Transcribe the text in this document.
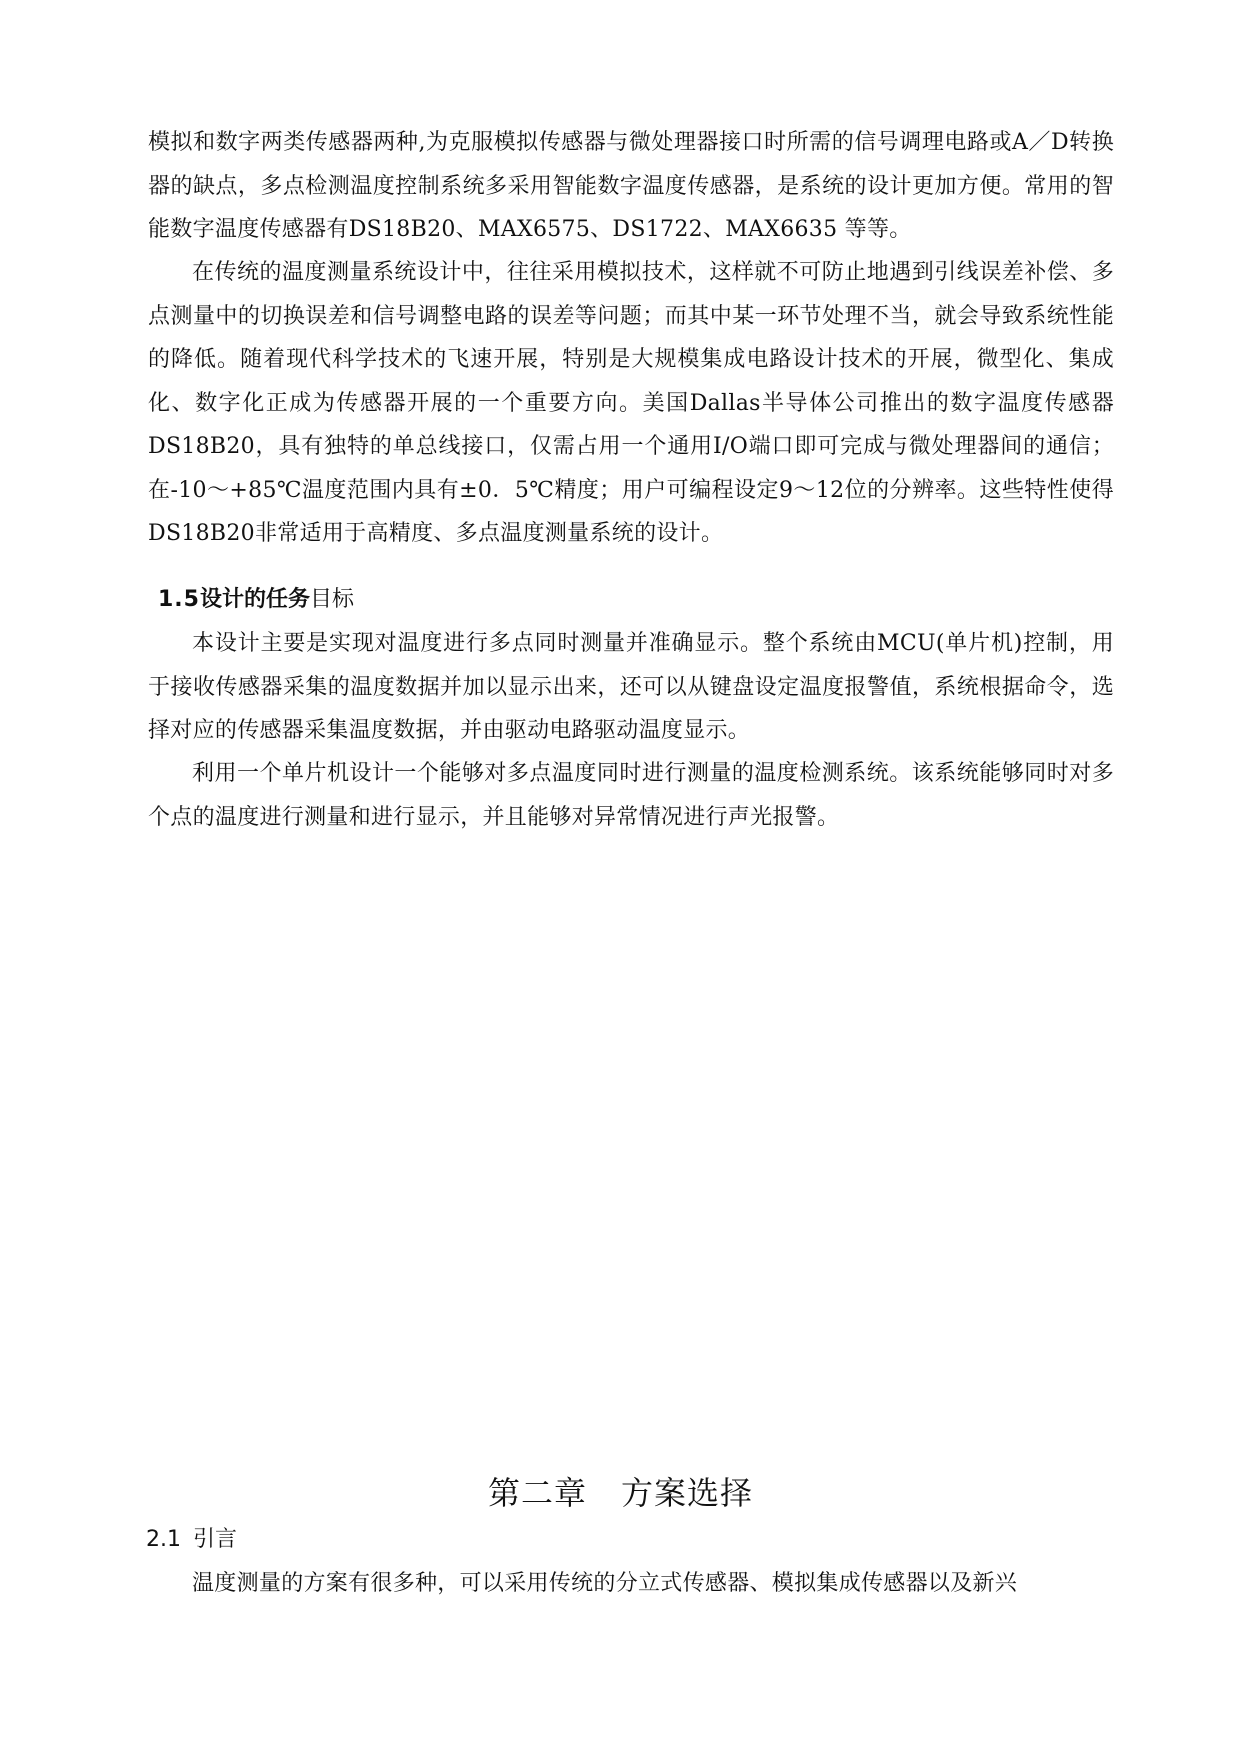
模拟和数字两类传感器两种,为克服模拟传感器与微处理器接口时所需的信号调理电路或A／D转换器的缺点，多点检测温度控制系统多采用智能数字温度传感器，是系统的设计更加方便。常用的智能数字温度传感器有DS18B20、MAX6575、DS1722、MAX6635 等等。

在传统的温度测量系统设计中，往往采用模拟技术，这样就不可防止地遇到引线误差补偿、多点测量中的切换误差和信号调整电路的误差等问题；而其中某一环节处理不当，就会导致系统性能的降低。随着现代科学技术的飞速开展，特别是大规模集成电路设计技术的开展，微型化、集成化、数字化正成为传感器开展的一个重要方向。美国Dallas半导体公司推出的数字温度传感器DS18B20，具有独特的单总线接口，仅需占用一个通用I/O端口即可完成与微处理器间的通信；在-10～+85℃温度范围内具有±0．5℃精度；用户可编程设定9～12位的分辨率。这些特性使得DS18B20非常适用于高精度、多点温度测量系统的设计。

1.5设计的任务目标

本设计主要是实现对温度进行多点同时测量并准确显示。整个系统由MCU(单片机)控制，用于接收传感器采集的温度数据并加以显示出来，还可以从键盘设定温度报警值，系统根据命令，选择对应的传感器采集温度数据，并由驱动电路驱动温度显示。

利用一个单片机设计一个能够对多点温度同时进行测量的温度检测系统。该系统能够同时对多个点的温度进行测量和进行显示，并且能够对异常情况进行声光报警。

第二章 方案选择
2.1 引言

温度测量的方案有很多种，可以采用传统的分立式传感器、模拟集成传感器以及新兴
